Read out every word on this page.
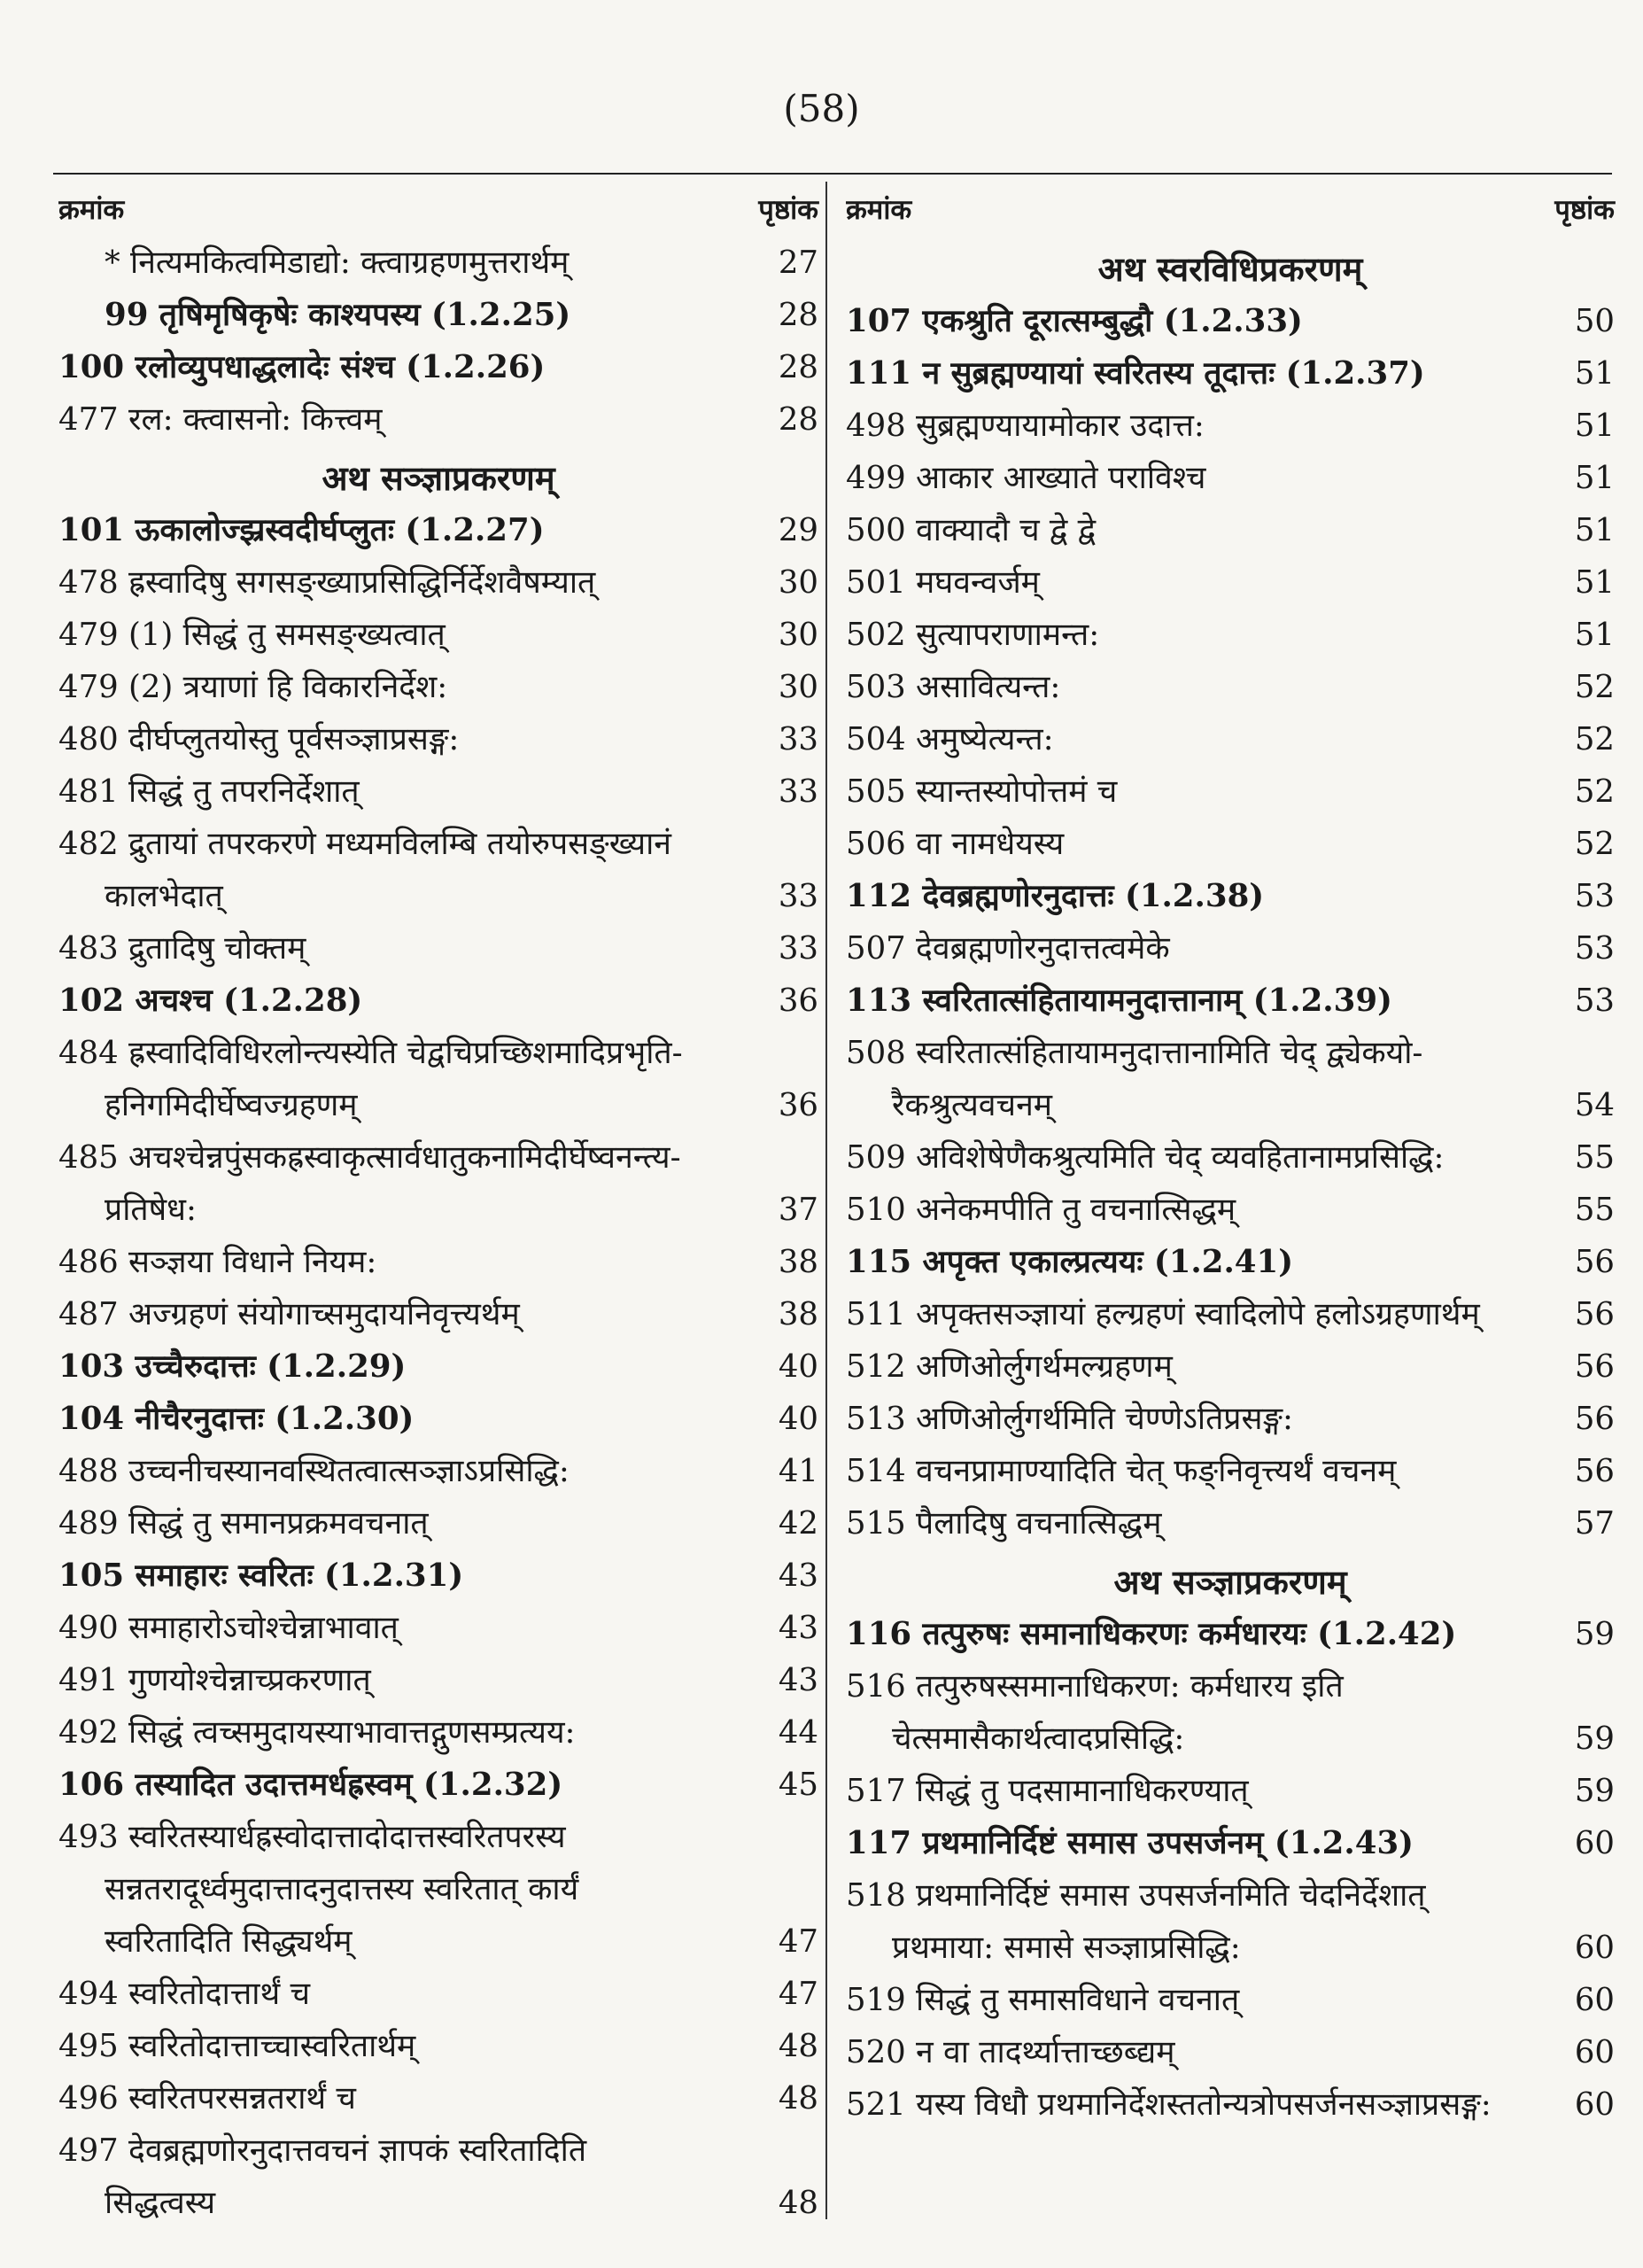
(58)
क्रमांक	पृष्ठांक
* नित्यमकित्वमिडाद्यो: क्त्वाग्रहणमुत्तरार्थम्	27
99 तृषिमृषिकृषेः काश्यपस्य (1.2.25)	28
100 रलोव्युपधाद्धलादेः संश्च (1.2.26)	28
477 रल: क्त्वासनो: कित्त्वम्	28
अथ सञ्ज्ञाप्रकरणम्
101 ऊकालोज्झ्रस्वदीर्घप्लुतः (1.2.27)	29
478 ह्रस्वादिषु सगसङ्ख्याप्रसिद्धिर्निर्देशवैषम्यात्	30
479 (1) सिद्धं तु समसङ्ख्यत्वात्	30
479 (2) त्रयाणां हि विकारनिर्देश:	30
480 दीर्घप्लुतयोस्तु पूर्वसञ्ज्ञाप्रसङ्ग:	33
481 सिद्धं तु तपरनिर्देशात्	33
482 द्रुतायां तपरकरणे मध्यमविलम्बि तयोरुपसङ्ख्यानं
कालभेदात्	33
483 द्रुतादिषु चोक्तम्	33
102 अचश्च (1.2.28)	36
484 ह्रस्वादिविधिरलोन्त्यस्येति चेद्वचिप्रच्छिशमादिप्रभृति-
हनिगमिदीर्घेष्वज्ग्रहणम्	36
485 अचश्चेन्नपुंसकह्रस्वाकृत्सार्वधातुकनामिदीर्घेष्वनन्त्य-
प्रतिषेध:	37
486 सञ्ज्ञया विधाने नियम:	38
487 अज्ग्रहणं संयोगाच्समुदायनिवृत्त्यर्थम्	38
103 उच्चैरुदात्तः (1.2.29)	40
104 नीचैरनुदात्तः (1.2.30)	40
488 उच्चनीचस्यानवस्थितत्वात्सञ्ज्ञाऽप्रसिद्धि:	41
489 सिद्धं तु समानप्रक्रमवचनात्	42
105 समाहारः स्वरितः (1.2.31)	43
490 समाहारोऽचोश्चेन्नाभावात्	43
491 गुणयोश्चेन्नाच्प्रकरणात्	43
492 सिद्धं त्वच्समुदायस्याभावात्तद्गुणसम्प्रत्यय:	44
106 तस्यादित उदात्तमर्धह्रस्वम् (1.2.32)	45
493 स्वरितस्यार्धह्रस्वोदात्तादोदात्तस्वरितपरस्य
सन्नतरादूर्ध्वमुदात्तादनुदात्तस्य स्वरितात् कार्यं
स्वरितादिति सिद्ध्यर्थम्	47
494 स्वरितोदात्तार्थं च	47
495 स्वरितोदात्ताच्चास्वरितार्थम्	48
496 स्वरितपरसन्नतरार्थं च	48
497 देवब्रह्मणोरनुदात्तवचनं ज्ञापकं स्वरितादिति
सिद्धत्वस्य	48
क्रमांक	पृष्ठांक
अथ स्वरविधिप्रकरणम्
107 एकश्रुति दूरात्सम्बुद्धौ (1.2.33)	50
111 न सुब्रह्मण्यायां स्वरितस्य तूदात्तः (1.2.37)	51
498 सुब्रह्मण्यायामोकार उदात्त:	51
499 आकार आख्याते पराविश्च	51
500 वाक्यादौ च द्वे द्वे	51
501 मघवन्वर्जम्	51
502 सुत्यापराणामन्त:	51
503 असावित्यन्त:	52
504 अमुष्येत्यन्त:	52
505 स्यान्तस्योपोत्तमं च	52
506 वा नामधेयस्य	52
112 देवब्रह्मणोरनुदात्तः (1.2.38)	53
507 देवब्रह्मणोरनुदात्तत्वमेके	53
113 स्वरितात्संहितायामनुदात्तानाम् (1.2.39)	53
508 स्वरितात्संहितायामनुदात्तानामिति चेद् द्व्येकयो-
रैकश्रुत्यवचनम्	54
509 अविशेषेणैकश्रुत्यमिति चेद् व्यवहितानामप्रसिद्धि:	55
510 अनेकमपीति तु वचनात्सिद्धम्	55
115 अपृक्त एकाल्प्रत्ययः (1.2.41)	56
511 अपृक्तसञ्ज्ञायां हल्ग्रहणं स्वादिलोपे हलोऽग्रहणार्थम्	56
512 अणिओर्लुगर्थमल्ग्रहणम्	56
513 अणिओर्लुगर्थमिति चेण्णेऽतिप्रसङ्ग:	56
514 वचनप्रामाण्यादिति चेत् फङ्निवृत्त्यर्थं वचनम्	56
515 पैलादिषु वचनात्सिद्धम्	57
अथ सञ्ज्ञाप्रकरणम्
116 तत्पुरुषः समानाधिकरणः कर्मधारयः (1.2.42)	59
516 तत्पुरुषस्समानाधिकरण: कर्मधारय इति
चेत्समासैकार्थत्वादप्रसिद्धि:	59
517 सिद्धं तु पदसामानाधिकरण्यात्	59
117 प्रथमानिर्दिष्टं समास उपसर्जनम् (1.2.43)	60
518 प्रथमानिर्दिष्टं समास उपसर्जनमिति चेदनिर्देशात्
प्रथमाया: समासे सञ्ज्ञाप्रसिद्धि:	60
519 सिद्धं तु समासविधाने वचनात्	60
520 न वा तादर्थ्यात्ताच्छब्द्यम्	60
521 यस्य विधौ प्रथमानिर्देशस्ततोन्यत्रोपसर्जनसञ्ज्ञाप्रसङ्ग:	60
